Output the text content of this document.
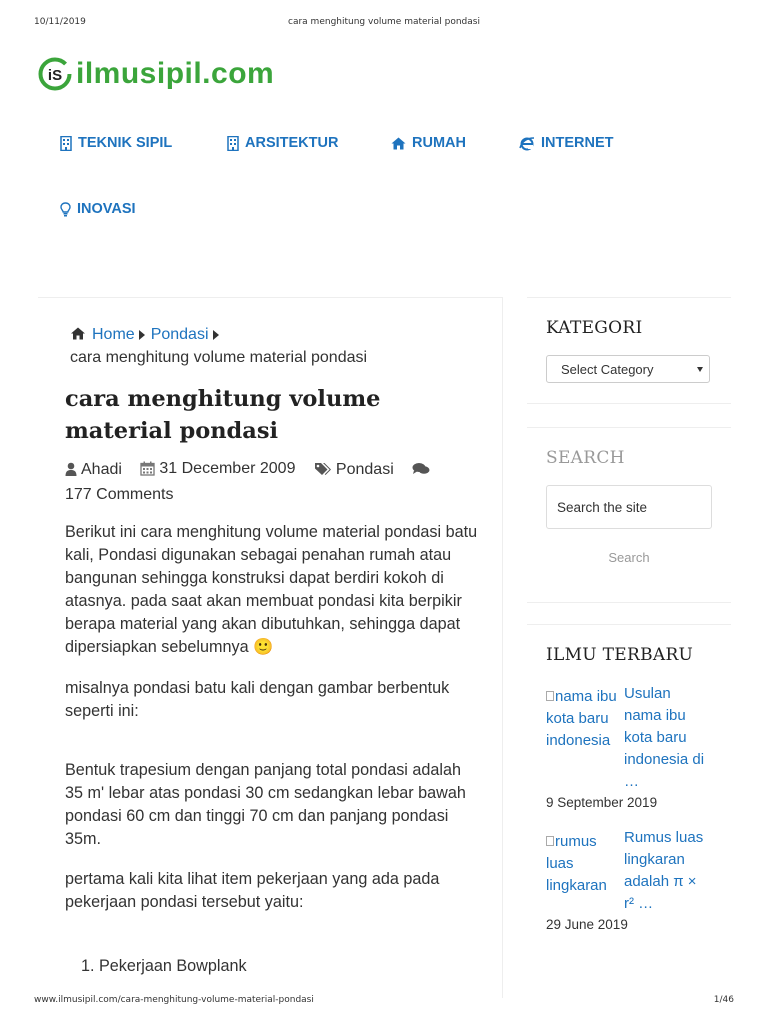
10/11/2019	cara menghitung volume material pondasi
iS ilmusipil.com
TEKNIK SIPIL	ARSITEKTUR	RUMAH	INTERNET
INOVASI
Home Pondasi
cara menghitung volume material pondasi
cara menghitung volume material pondasi
Ahadi
31 December 2009
	Pondasi

177 Comments

Berikut ini cara menghitung volume material pondasi batu kali, Pondasi digunakan sebagai penahan rumah atau bangunan sehingga konstruksi dapat berdiri kokoh di atasnya. pada saat akan membuat pondasi kita berpikir berapa material yang akan dibutuhkan, sehingga dapat dipersiapkan sebelumnya 🙂

misalnya pondasi batu kali dengan gambar berbentuk seperti ini:

Bentuk trapesium dengan panjang total pondasi adalah 35 m' lebar atas pondasi 30 cm sedangkan lebar bawah pondasi 60 cm dan tinggi 70 cm dan panjang pondasi 35m.

pertama kali kita lihat item pekerjaan yang ada pada pekerjaan pondasi tersebut yaitu:

1. Pekerjaan Bowplank

KATEGORI
Select Category
SEARCH
Search the site
Search
ILMU TERBARU
nama ibu kota baru indonesia
Usulan nama ibu kota baru indonesia di …
9 September 2019
rumus luas lingkaran
Rumus luas lingkaran adalah π × r² …
29 June 2019
www.ilmusipil.com/cara-menghitung-volume-material-pondasi	1/46
